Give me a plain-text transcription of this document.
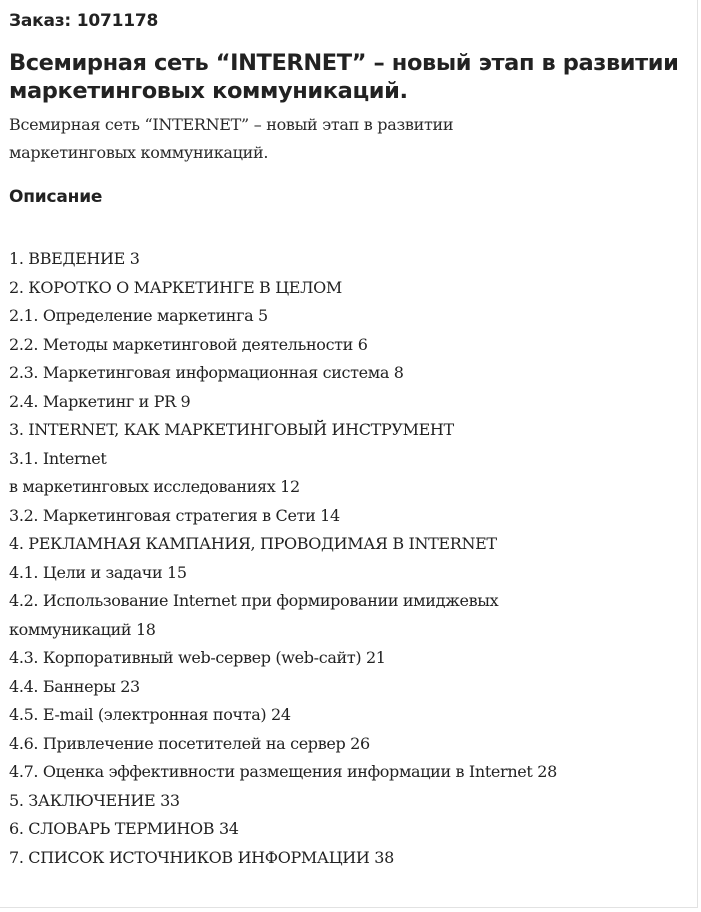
Заказ: 1071178

Всемирная сеть “INTERNET” – новый этап в развитии
маркетинговых коммуникаций.

Всемирная сеть “INTERNET” – новый этап в развитии
маркетинговых коммуникаций.

Описание
1. ВВЕДЕНИЕ 3
2. КОРОТКО О МАРКЕТИНГЕ В ЦЕЛОМ
2.1. Определение маркетинга 5
2.2. Методы маркетинговой деятельности 6
2.3. Маркетинговая информационная система 8
2.4. Маркетинг и PR 9
3. INTERNET, КАК МАРКЕТИНГОВЫЙ ИНСТРУМЕНТ
3.1. Internet
в маркетинговых исследованиях 12
3.2. Маркетинговая стратегия в Сети 14
4. РЕКЛАМНАЯ КАМПАНИЯ, ПРОВОДИМАЯ В INTERNET
4.1. Цели и задачи 15
4.2. Использование Internet при формировании имиджевых
коммуникаций 18
4.3. Корпоративный web-сервер (web-сайт) 21
4.4. Баннеры 23
4.5. E-mail (электронная почта) 24
4.6. Привлечение посетителей на сервер 26
4.7. Оценка эффективности размещения информации в Internet 28
5. ЗАКЛЮЧЕНИЕ 33
6. СЛОВАРЬ ТЕРМИНОВ 34
7. СПИСОК ИСТОЧНИКОВ ИНФОРМАЦИИ 38
